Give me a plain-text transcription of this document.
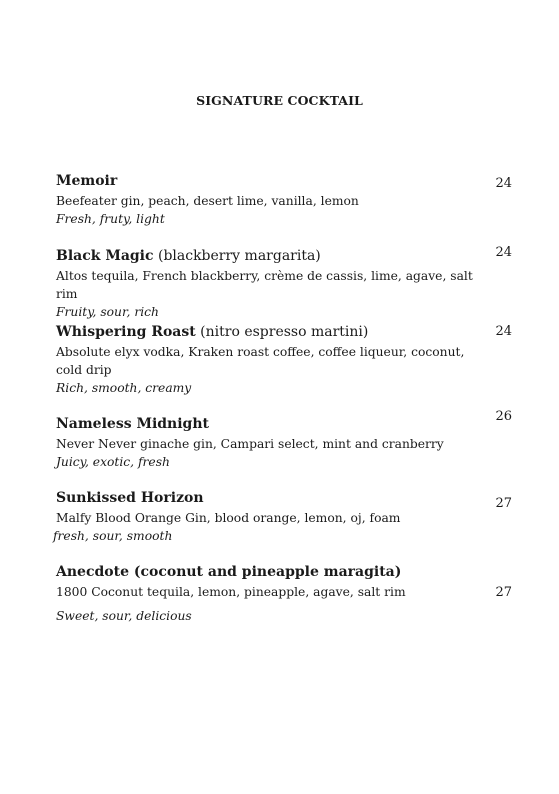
SIGNATURE COCKTAIL
Memoir
Beefeater gin, peach, desert lime, vanilla, lemon
Fresh, fruty, light
24
Black Magic (blackberry margarita)
Altos tequila, French blackberry, crème de cassis, lime, agave, salt rim
Fruity, sour, rich
24
Whispering Roast (nitro espresso martini)
Absolute elyx vodka, Kraken roast coffee, coffee liqueur, coconut, cold drip
Rich, smooth, creamy
24
Nameless Midnight
Never Never ginache gin, Campari select, mint and cranberry
Juicy, exotic, fresh
26
Sunkissed Horizon
Malfy Blood Orange Gin, blood orange, lemon, oj, foam
fresh, sour, smooth
27
Anecdote (coconut and pineapple maragita)
1800 Coconut tequila, lemon, pineapple, agave, salt rim
Sweet, sour, delicious
27
